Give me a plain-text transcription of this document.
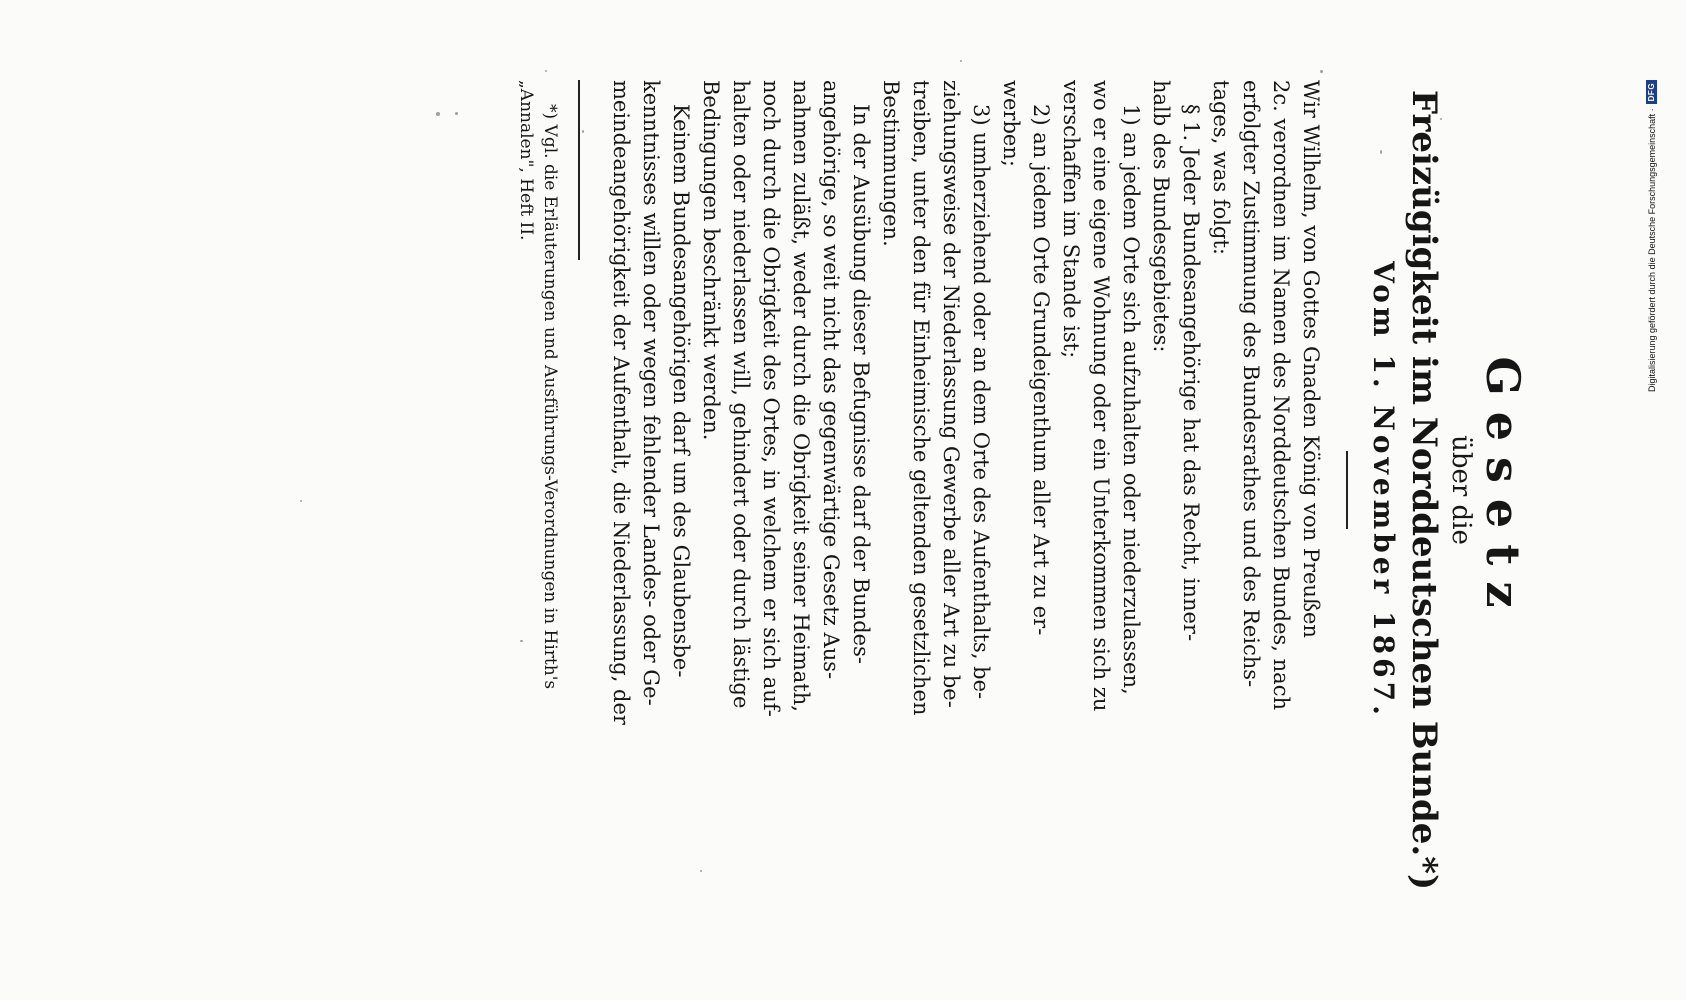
Gesetz
über die
Freizügigkeit im Norddeutschen Bunde.*)
Vom 1. November 1867.
Wir Wilhelm, von Gottes Gnaden König von Preußen
2c. verordnen im Namen des Norddeutschen Bundes, nach
erfolgter Zustimmung des Bundesrathes und des Reichs-
tages, was folgt:
§ 1. Jeder Bundesangehörige hat das Recht, inner-
halb des Bundesgebietes:
1) an jedem Orte sich aufzuhalten oder niederzulassen,
wo er eine eigene Wohnung oder ein Unterkommen sich zu
verschaffen im Stande ist;
2) an jedem Orte Grundeigenthum aller Art zu er-
werben;
3) umherziehend oder an dem Orte des Aufenthalts, be-
ziehungsweise der Niederlassung Gewerbe aller Art zu be-
treiben, unter den für Einheimische geltenden gesetzlichen
Bestimmungen.
In der Ausübung dieser Befugnisse darf der Bundes-
angehörige, so weit nicht das gegenwärtige Gesetz Aus-
nahmen zuläßt, weder durch die Obrigkeit seiner Heimath,
noch durch die Obrigkeit des Ortes, in welchem er sich auf-
halten oder niederlassen will, gehindert oder durch lästige
Bedingungen beschränkt werden.
Keinem Bundesangehörigen darf um des Glaubensbe-
kenntnisses willen oder wegen fehlender Landes- oder Ge-
meindeangehörigkeit der Aufenthalt, die Niederlassung, der
*) Vgl. die Erläuterungen und Ausführungs-Verordnungen in Hirth's
„Annalen", Heft II.	Digitalisierung gefördert durch die Deutsche Forschungsgemeinschaft ·
DFG
